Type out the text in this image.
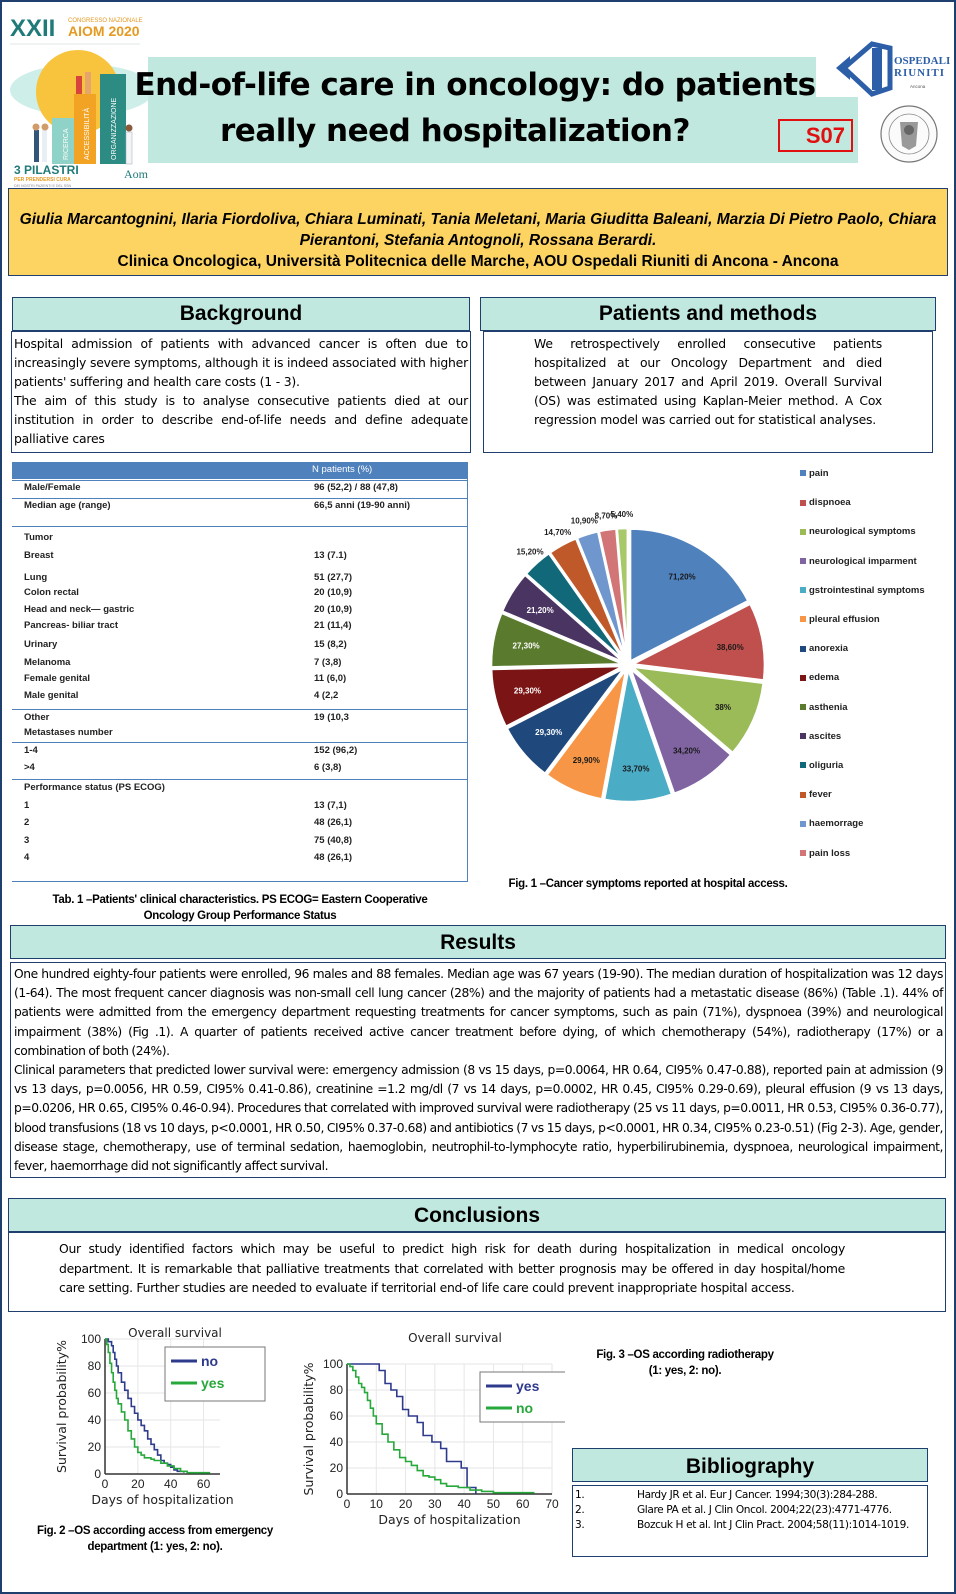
XXII CONGRESSO NAZIONALE
AIOM 2020
RICERCA ACCESSIBILITÀ	ORGANIZZAZIONE
3 PILASTRI
PER PRENDERSI CURA
DEI NOSTRI PAZIENTI E DEL SSN
Aom
End-of-life care in oncology: do patients
really need hospitalization?	S07
OSPEDALI
RIUNITI
Ancona
Giulia Marcantognini, Ilaria Fiordoliva, Chiara Luminati, Tania Meletani, Maria Giuditta Baleani, Marzia Di Pietro Paolo, Chiara Pierantoni, Stefania Antognoli, Rossana Berardi.
Clinica Oncologica, Università Politecnica delle Marche, AOU Ospedali Riuniti di Ancona - Ancona
Background
Hospital admission of patients with advanced cancer is often due to increasingly severe symptoms, although it is indeed associated with higher patients' suffering and health care costs (1 - 3).
The aim of this study is to analyse consecutive patients died at our institution in order to describe end-of-life needs and define adequate palliative cares
Patients and methods
We retrospectively enrolled consecutive patients hospitalized at our Oncology Department and died between January 2017 and April 2019. Overall Survival (OS) was estimated using Kaplan-Meier method. A Cox regression model was carried out for statistical analyses.
N patients (%)
Male/Female	96 (52,2) / 88 (47,8)
Median age (range)	66,5 anni (19-90 anni)
Tumor
Breast	13 (7.1)
Lung	51 (27,7)
Colon rectal	20 (10,9)
Head and neck— gastric	20 (10,9)
Pancreas- biliar tract	21 (11,4)
Urinary	15 (8,2)
Melanoma	7 (3,8)
Female genital	11 (6,0)
Male genital	4 (2,2
Other	19 (10,3
Metastases number
1-4	152 (96,2)
>4	6 (3,8)
Performance status (PS ECOG)
1	13 (7,1)
2	48 (26,1)
3	75 (40,8)
4	48 (26,1)
Tab. 1 –Patients' clinical characteristics. PS ECOG= Eastern Cooperative
Oncology Group Performance Status
71,20%
38,60%
38%
34,20%
33,70%
29,90%
29,30%
29,30%
27,30%
21,20%
15,20%
14,70%
10,90%
8,70%
5,40%
pain
dispnoea
neurological symptoms
neurological imparment
gstrointestinal symptoms
pleural effusion
anorexia
edema
asthenia
ascites
oliguria
fever
haemorrage
pain loss
Fig. 1 –Cancer symptoms reported at hospital access.
Results
One hundred eighty-four patients were enrolled, 96 males and 88 females. Median age was 67 years (19-90). The median duration of hospitalization was 12 days (1-64). The most frequent cancer diagnosis was non-small cell lung cancer (28%) and the majority of patients had a metastatic disease (86%) (Table .1). 44% of patients were admitted from the emergency department requesting treatments for cancer symptoms, such as pain (71%), dyspnoea (39%) and neurological impairment (38%) (Fig .1). A quarter of patients received active cancer treatment before dying, of which chemotherapy (54%), radiotherapy (17%) or a combination of both (24%).
Clinical parameters that predicted lower survival were: emergency admission (8 vs 15 days, p=0.0064, HR 0.64, CI95% 0.47-0.88), reported pain at admission (9 vs 13 days, p=0.0056, HR 0.59, CI95% 0.41-0.86), creatinine =1.2 mg/dl (7 vs 14 days, p=0.0002, HR 0.45, CI95% 0.29-0.69), pleural effusion (9 vs 13 days, p=0.0206, HR 0.65, CI95% 0.46-0.94). Procedures that correlated with improved survival were radiotherapy (25 vs 11 days, p=0.0011, HR 0.53, CI95% 0.36-0.77), blood transfusions (18 vs 10 days, p<0.0001, HR 0.50, CI95% 0.37-0.68) and antibiotics (7 vs 15 days, p<0.0001, HR 0.34, CI95% 0.23-0.51) (Fig 2-3). Age, gender, disease stage, chemotherapy, use of terminal sedation, haemoglobin, neutrophil-to-lymphocyte ratio, hyperbilirubinemia, dyspnoea, neurological impairment, fever, haemorrhage did not significantly affect survival.
Conclusions
Our study identified factors which may be useful to predict high risk for death during hospitalization in medical oncology department. It is remarkable that palliative treatments that correlated with better prognosis may be offered in day hospital/home care setting. Further studies are needed to evaluate if territorial end-of life care could prevent inappropriate hospital access.
0 20 40 60
0
20
40
60
80
100 Overall survival
Days of hospitalization
Survival probability%	no
yes
0 10 20 30 40 50 60 70
0
20
40
60
80
100
Overall survival
Days of hospitalization
Survival probability%	yes
no
Fig. 2 –OS according access from emergency
department (1: yes, 2: no).
Fig. 3 –OS according radiotherapy
(1: yes, 2: no).
Bibliography
1.	Hardy JR et al. Eur J Cancer. 1994;30(3):284-288.
2.	Glare PA et al. J Clin Oncol. 2004;22(23):4771-4776.
3.	Bozcuk H et al. Int J Clin Pract. 2004;58(11):1014-1019.
